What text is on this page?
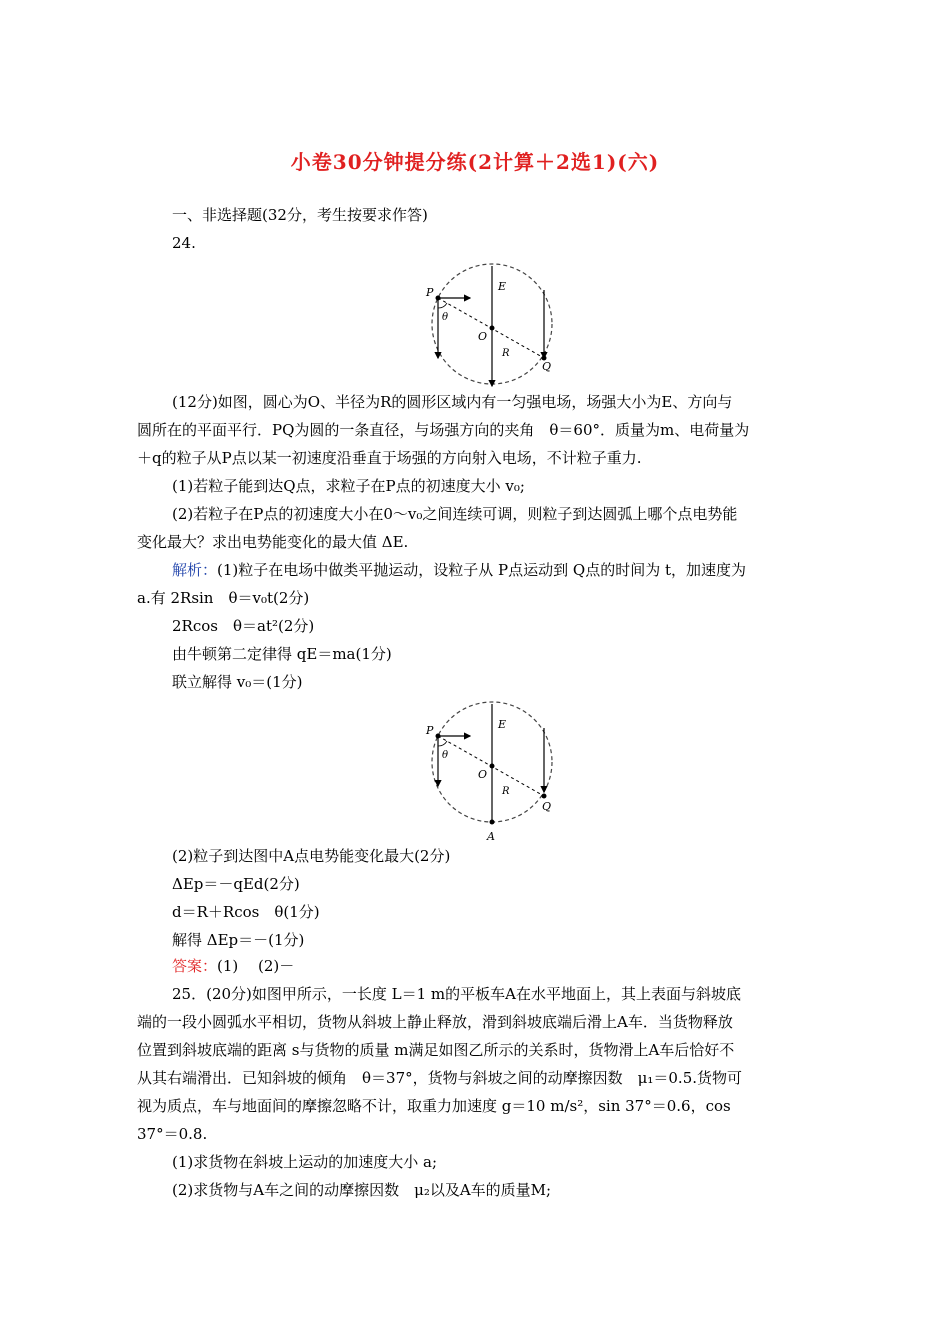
小卷30分钟提分练(2计算＋2选1)(六)
一、非选择题(32分，考生按要求作答)
24.
P	E
θ
O
R
Q
(12分)如图，圆心为O、半径为R的圆形区域内有一匀强电场，场强大小为E、方向与
圆所在的平面平行．PQ为圆的一条直径，与场强方向的夹角　θ＝60°．质量为m、电荷量为
＋q的粒子从P点以某一初速度沿垂直于场强的方向射入电场，不计粒子重力.
(1)若粒子能到达Q点，求粒子在P点的初速度大小 v₀;
(2)若粒子在P点的初速度大小在0～v₀之间连续可调，则粒子到达圆弧上哪个点电势能
变化最大？求出电势能变化的最大值 ΔE.
解析：(1)粒子在电场中做类平抛运动，设粒子从 P点运动到 Q点的时间为 t，加速度为
a.有 2Rsin　θ＝v₀t(2分)
2Rcos　θ＝at²(2分)
由牛顿第二定律得 qE＝ma(1分)
联立解得 v₀＝(1分)
P	E
θ
O
R
Q
A
(2)粒子到达图中A点电势能变化最大(2分)
ΔEp＝－qEd(2分)
d＝R＋Rcos　θ(1分)
解得 ΔEp＝－(1分)
答案：(1)　 (2)－
25．(20分)如图甲所示，一长度 L＝1 m的平板车A在水平地面上，其上表面与斜坡底
端的一段小圆弧水平相切，货物从斜坡上静止释放，滑到斜坡底端后滑上A车．当货物释放
位置到斜坡底端的距离 s与货物的质量 m满足如图乙所示的关系时，货物滑上A车后恰好不
从其右端滑出．已知斜坡的倾角　θ＝37°，货物与斜坡之间的动摩擦因数　μ₁＝0.5.货物可
视为质点，车与地面间的摩擦忽略不计，取重力加速度 g＝10 m/s²，sin 37°＝0.6，cos
37°＝0.8.
(1)求货物在斜坡上运动的加速度大小 a;
(2)求货物与A车之间的动摩擦因数　μ₂以及A车的质量M;
